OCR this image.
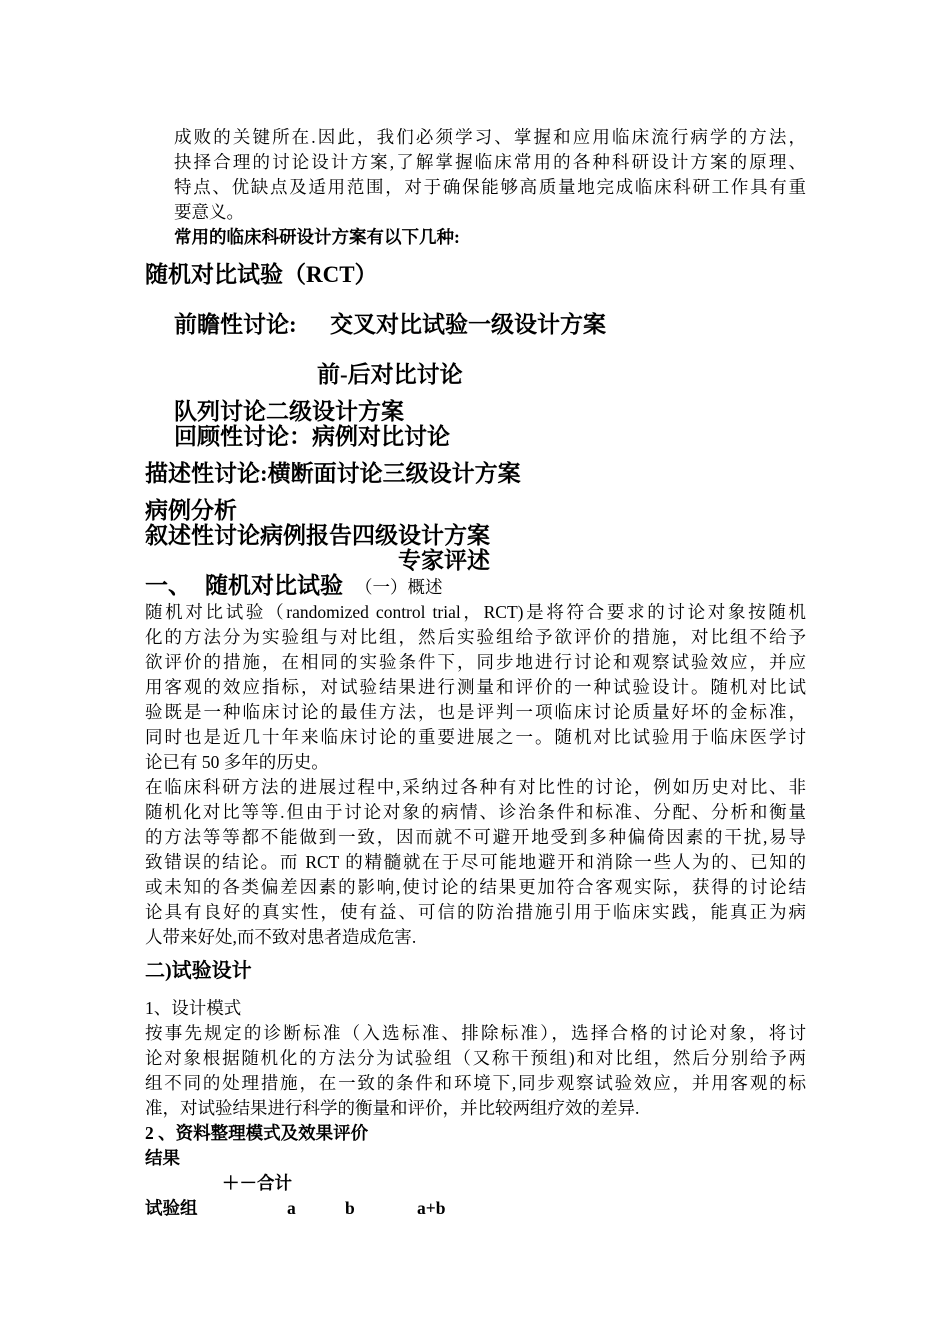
成败的关键所在.因此，我们必须学习、掌握和应用临床流行病学的方法，
抉择合理的讨论设计方案,了解掌握临床常用的各种科研设计方案的原理、
特点、优缺点及适用范围，对于确保能够高质量地完成临床科研工作具有重
要意义。
常用的临床科研设计方案有以下几种:
随机对比试验（RCT）
前瞻性讨论: 交叉对比试验一级设计方案
前-后对比讨论
队列讨论二级设计方案
回顾性讨论：病例对比讨论
描述性讨论:横断面讨论三级设计方案
病例分析
叙述性讨论病例报告四级设计方案
专家评述
一、 随机对比试验 （一）概述
随机对比试验（randomized control trial，RCT)是将符合要求的讨论对象按随机
化的方法分为实验组与对比组，然后实验组给予欲评价的措施，对比组不给予
欲评价的措施，在相同的实验条件下，同步地进行讨论和观察试验效应，并应
用客观的效应指标，对试验结果进行测量和评价的一种试验设计。随机对比试
验既是一种临床讨论的最佳方法，也是评判一项临床讨论质量好坏的金标准，
同时也是近几十年来临床讨论的重要进展之一。随机对比试验用于临床医学讨
论已有 50 多年的历史。
在临床科研方法的进展过程中,采纳过各种有对比性的讨论，例如历史对比、非
随机化对比等等.但由于讨论对象的病情、诊治条件和标准、分配、分析和衡量
的方法等等都不能做到一致，因而就不可避开地受到多种偏倚因素的干扰,易导
致错误的结论。而 RCT 的精髓就在于尽可能地避开和消除一些人为的、已知的
或未知的各类偏差因素的影响,使讨论的结果更加符合客观实际，获得的讨论结
论具有良好的真实性，使有益、可信的防治措施引用于临床实践，能真正为病
人带来好处,而不致对患者造成危害.
二)试验设计
1、设计模式
按事先规定的诊断标准（入选标准、排除标准），选择合格的讨论对象，将讨
论对象根据随机化的方法分为试验组（又称干预组)和对比组，然后分别给予两
组不同的处理措施，在一致的条件和环境下,同步观察试验效应，并用客观的标
准，对试验结果进行科学的衡量和评价，并比较两组疗效的差异.
2 、资料整理模式及效果评价
结果
＋－合计
试验组	a	b	a+b
